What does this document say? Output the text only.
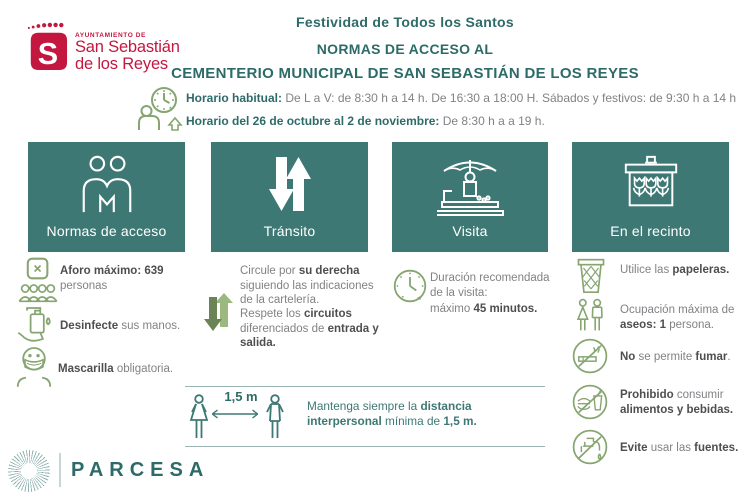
S
AYUNTAMIENTO DE
San Sebastián
de los Reyes
Festividad de Todos los Santos
NORMAS DE ACCESO AL
CEMENTERIO MUNICIPAL DE SAN SEBASTIÁN DE LOS REYES
Horario habitual: De L a V: de 8:30 h a 14 h. De 16:30 a 18:00 H. Sábados y festivos: de 9:30 h a 14 h
Horario del 26 de octubre al 2 de noviembre: De 8:30 h a a 19 h.
Normas de acceso	Tránsito	Visita	En el recinto
Aforo máximo: 639 personas
Desinfecte sus manos.
Mascarilla obligatoria.
Circule por su derecha siguiendo las indicaciones de la cartelería.
Respete los circuitos diferenciados de entrada y salida.
Duración recomendada de la visita:
máximo 45 minutos.
Utilice las papeleras.
Ocupación máxima de aseos: 1 persona.
No se permite fumar.
Prohibido consumir alimentos y bebidas.
Evite usar las fuentes.
1,5 m
Mantenga siempre la distancia interpersonal mínima de 1,5 m.
PARCESA
